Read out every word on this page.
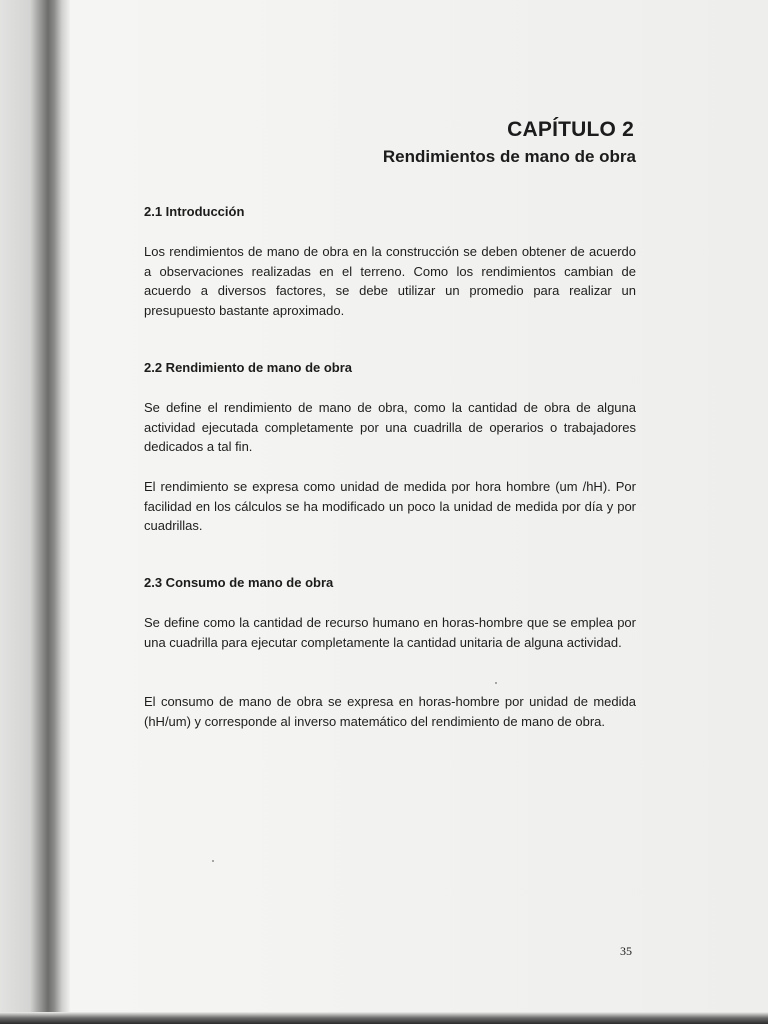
CAPÍTULO 2
Rendimientos de mano de obra
2.1 Introducción

Los rendimientos de mano de obra en la construcción se deben obtener de acuerdo a observaciones realizadas en el terreno. Como los rendimientos cambian de acuerdo a diversos factores, se debe utilizar un promedio para realizar un presupuesto bastante aproximado.

2.2 Rendimiento de mano de obra

Se define el rendimiento de mano de obra, como la cantidad de obra de alguna actividad ejecutada completamente por una cuadrilla de operarios o trabajadores dedicados a tal fin.

El rendimiento se expresa como unidad de medida por hora hombre (um /hH). Por facilidad en los cálculos se ha modificado un poco la unidad de medida por día y por cuadrillas.

2.3 Consumo de mano de obra

Se define como la cantidad de recurso humano en horas-hombre que se emplea por una cuadrilla para ejecutar completamente la cantidad unitaria de alguna actividad.

El consumo de mano de obra se expresa en horas-hombre por unidad de medida (hH/um) y corresponde al inverso matemático del rendimiento de mano de obra.

35
